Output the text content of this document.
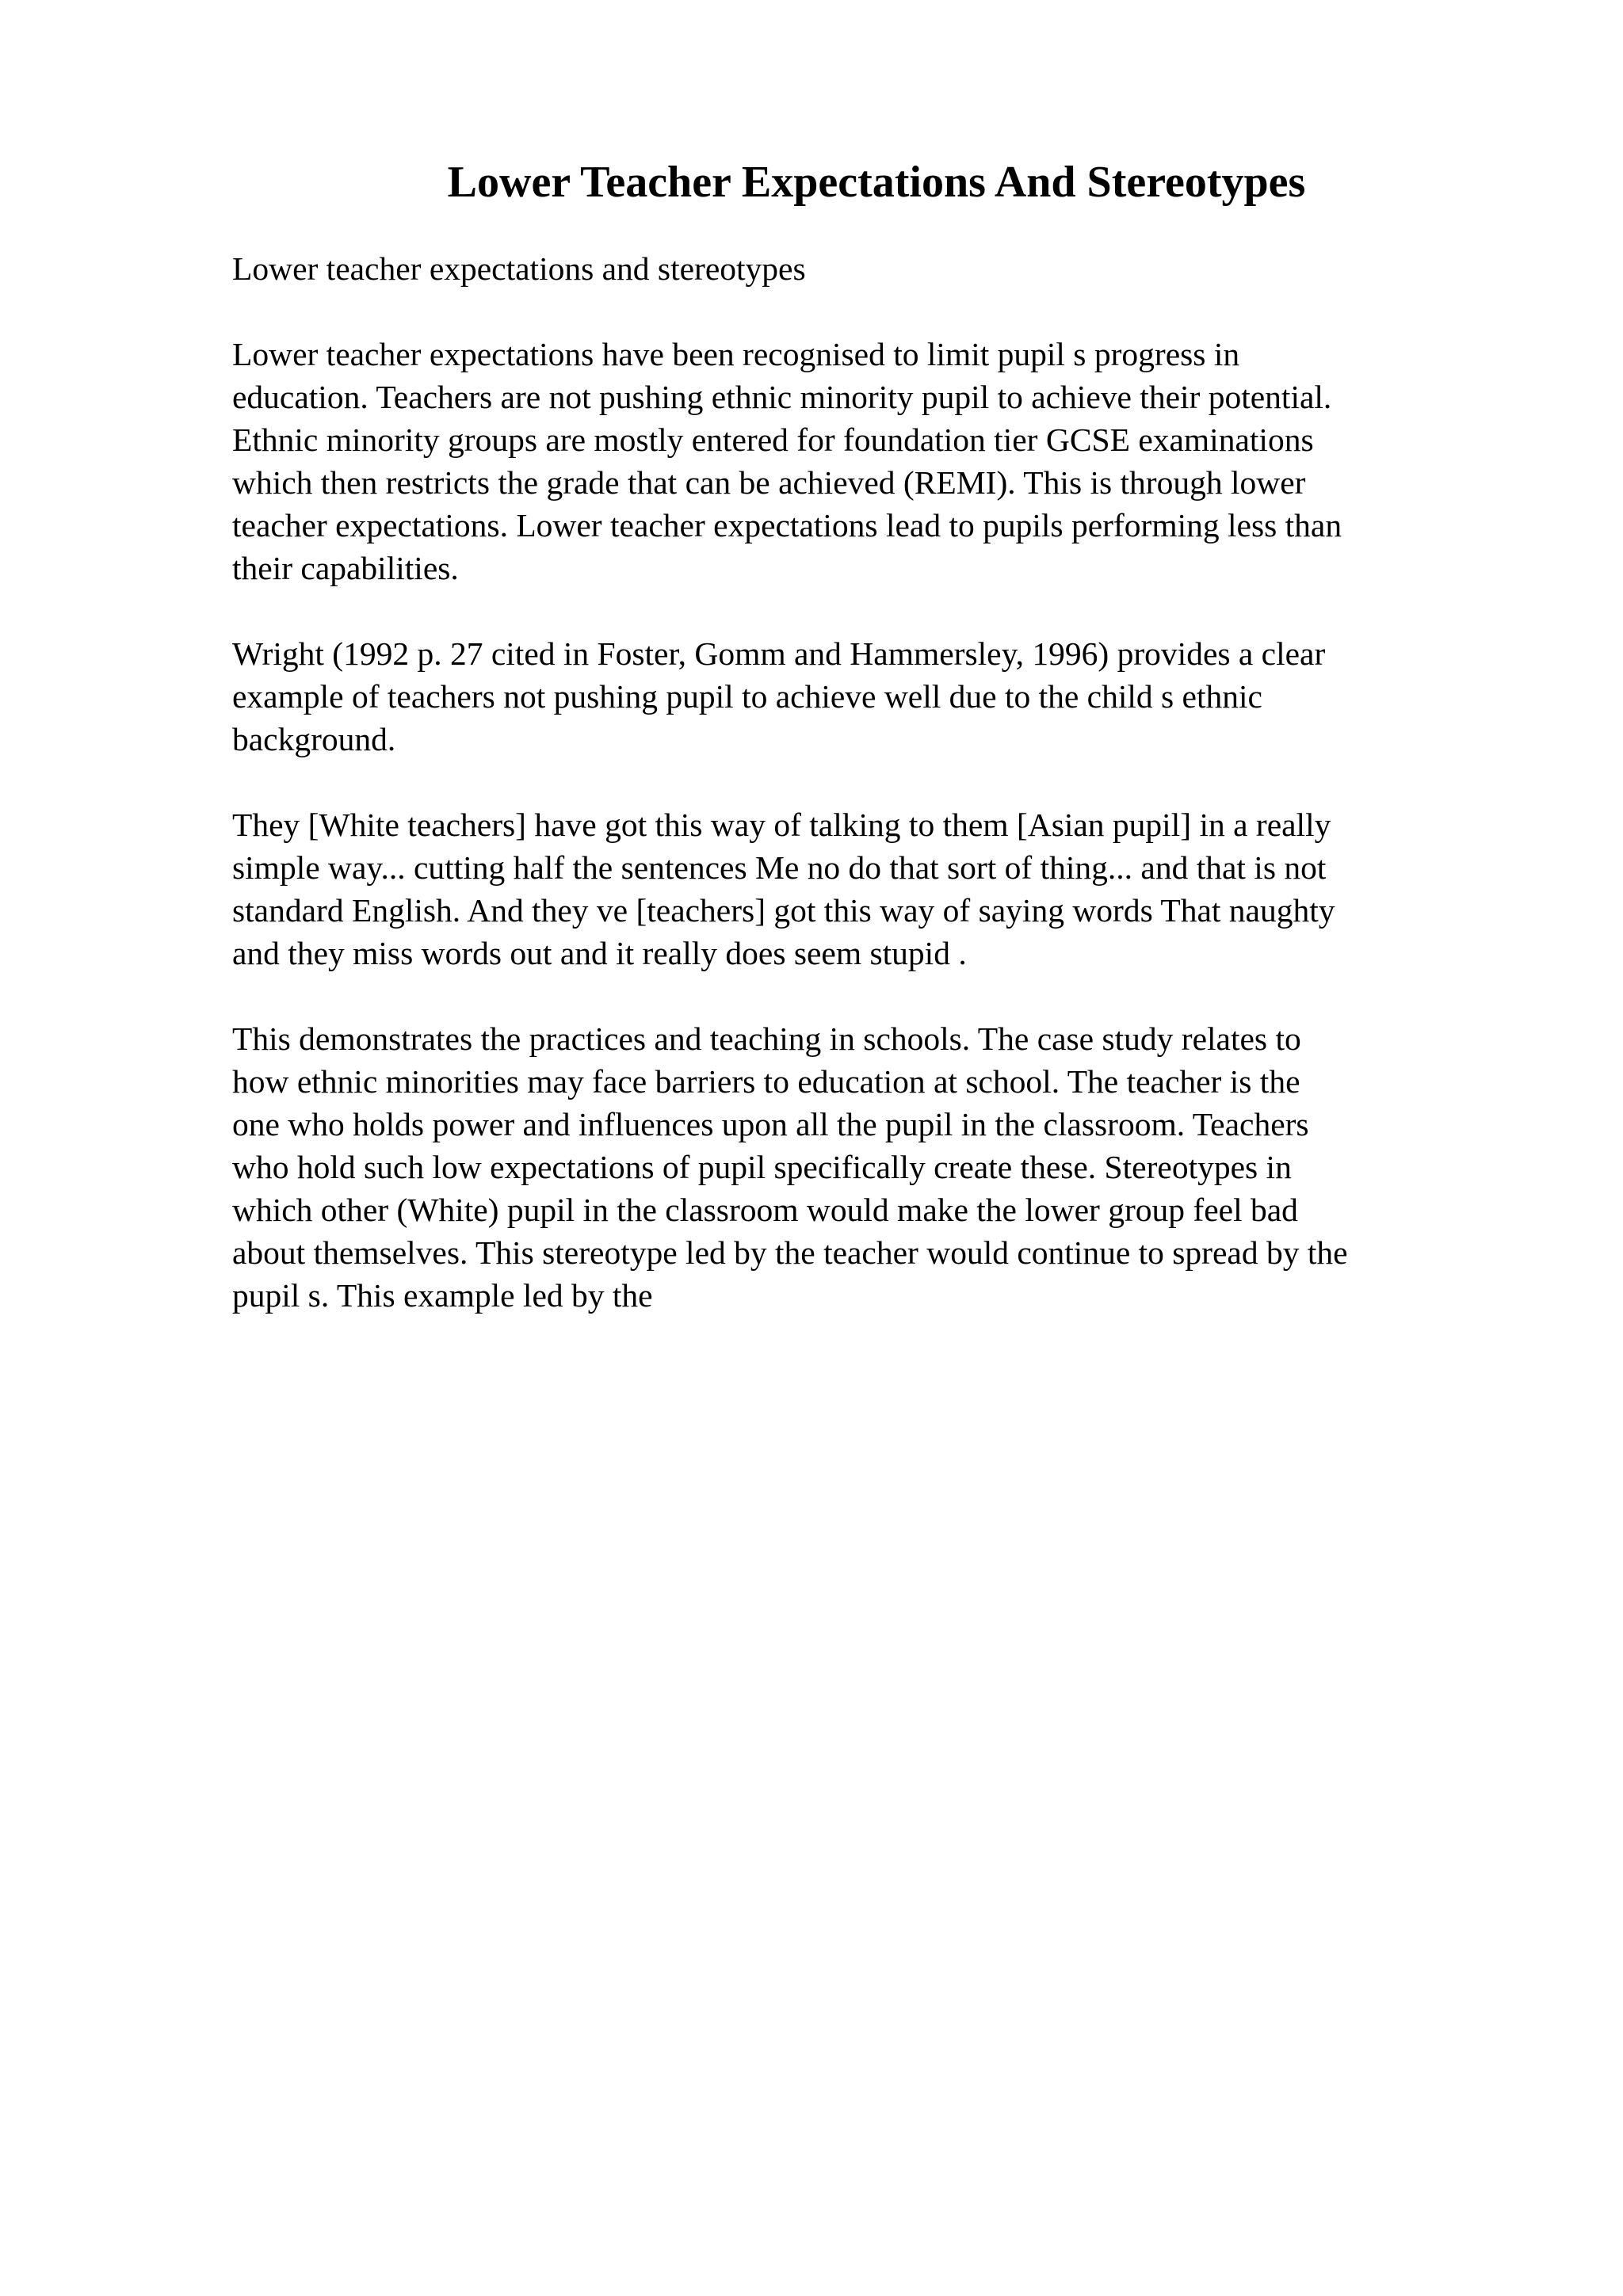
Lower Teacher Expectations And Stereotypes
Lower teacher expectations and stereotypes
Lower teacher expectations have been recognised to limit pupil s progress in
education. Teachers are not pushing ethnic minority pupil to achieve their potential.
Ethnic minority groups are mostly entered for foundation tier GCSE examinations
which then restricts the grade that can be achieved (REMI). This is through lower
teacher expectations. Lower teacher expectations lead to pupils performing less than
their capabilities.
Wright (1992 p. 27 cited in Foster, Gomm and Hammersley, 1996) provides a clear
example of teachers not pushing pupil to achieve well due to the child s ethnic
background.
They [White teachers] have got this way of talking to them [Asian pupil] in a really
simple way... cutting half the sentences Me no do that sort of thing... and that is not
standard English. And they ve [teachers] got this way of saying words That naughty
and they miss words out and it really does seem stupid .
This demonstrates the practices and teaching in schools. The case study relates to
how ethnic minorities may face barriers to education at school. The teacher is the
one who holds power and influences upon all the pupil in the classroom. Teachers
who hold such low expectations of pupil specifically create these. Stereotypes in
which other (White) pupil in the classroom would make the lower group feel bad
about themselves. This stereotype led by the teacher would continue to spread by the
pupil s. This example led by the
